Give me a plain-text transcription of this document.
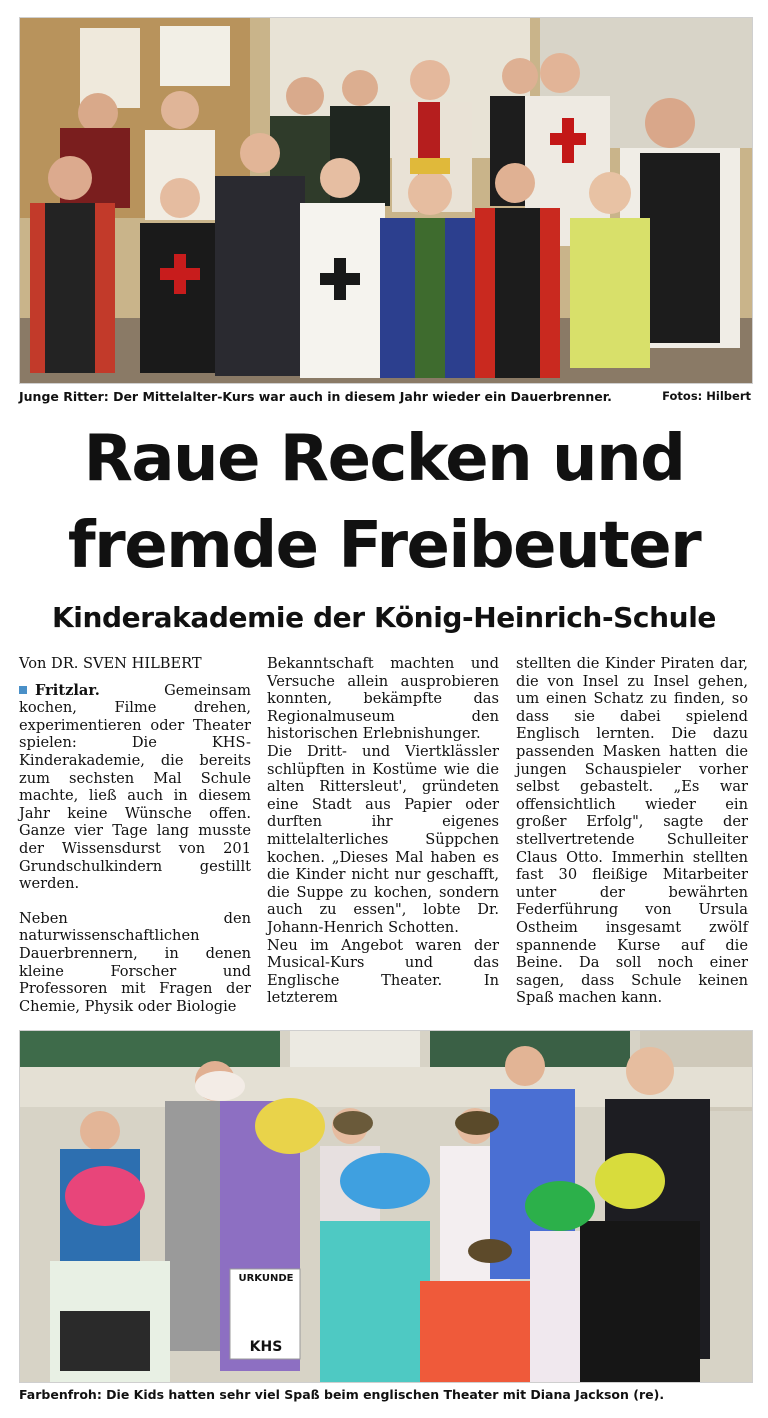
Junge Ritter: Der Mittelalter-Kurs war auch in diesem Jahr wieder ein Dauerbrenner.	Fotos: Hilbert
Raue Recken und
fremde Freibeuter
Kinderakademie der König-Heinrich-Schule
Von DR. SVEN HILBERT

Fritzlar.	Gemeinsam kochen, Filme drehen, experimentieren oder Theater spielen: Die KHS-Kinderakademie, die bereits zum sechsten Mal Schule machte, ließ auch in diesem Jahr keine Wünsche offen. Ganze vier Tage lang musste der Wissensdurst von 201 Grundschulkindern gestillt werden.

Neben den naturwissenschaftlichen Dauerbrennern, in denen kleine Forscher und Professoren mit Fragen der Chemie, Physik oder Biologie

Bekanntschaft machten und Versuche allein ausprobieren konnten, bekämpfte das Regionalmuseum den historischen Erlebnishunger.

Die Dritt- und Viertklässler schlüpften in Kostüme wie die alten Rittersleut', gründeten eine Stadt aus Papier oder durften ihr eigenes mittelalterliches Süppchen kochen. „Dieses Mal haben es die Kinder nicht nur geschafft, die Suppe zu kochen, sondern auch zu essen", lobte Dr. Johann-Henrich Schotten.

Neu im Angebot waren der Musical-Kurs und das Englische Theater. In letzterem

stellten die Kinder Piraten dar, die von Insel zu Insel gehen, um einen Schatz zu finden, so dass sie dabei spielend Englisch lernten. Die dazu passenden Masken hatten die jungen Schauspieler vorher selbst gebastelt. „Es war offensichtlich wieder ein großer Erfolg", sagte der stellvertretende Schulleiter Claus Otto. Immerhin stellten fast 30 fleißige Mitarbeiter unter der bewährten Federführung von Ursula Ostheim insgesamt zwölf spannende Kurse auf die Beine. Da soll noch einer sagen, dass Schule keinen Spaß machen kann.

URKUNDE
KHS
Farbenfroh: Die Kids hatten sehr viel Spaß beim englischen Theater mit Diana Jackson (re).
